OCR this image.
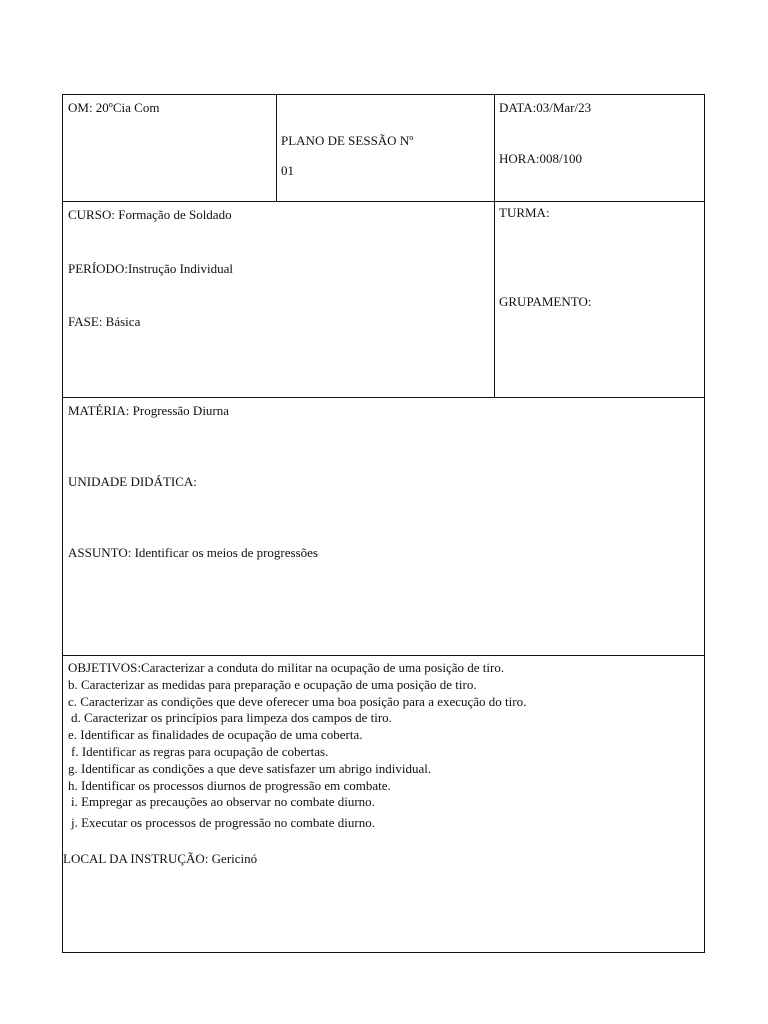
OM: 20ºCia Com
PLANO DE SESSÃO Nº
01
DATA:03/Mar/23
HORA:008/100
CURSO: Formação de Soldado
PERÍODO:Instrução Individual
FASE: Básica
TURMA:
GRUPAMENTO:
MATÉRIA: Progressão Diurna
UNIDADE DIDÁTICA:
ASSUNTO: Identificar os meios de progressões
OBJETIVOS:Caracterizar a conduta do militar na ocupação de uma posição de tiro.
b. Caracterizar as medidas para preparação e ocupação de uma posição de tiro.
c. Caracterizar as condições que deve oferecer uma boa posição para a execução do tiro.
d. Caracterizar os princípios para limpeza dos campos de tiro.
e. Identificar as finalidades de ocupação de uma coberta.
f. Identificar as regras para ocupação de cobertas.
g. Identificar as condições a que deve satisfazer um abrigo individual.
h. Identificar os processos diurnos de progressão em combate.
i. Empregar as precauções ao observar no combate diurno.
j. Executar os processos de progressão no combate diurno.
LOCAL DA INSTRUÇÃO: Gericinó
